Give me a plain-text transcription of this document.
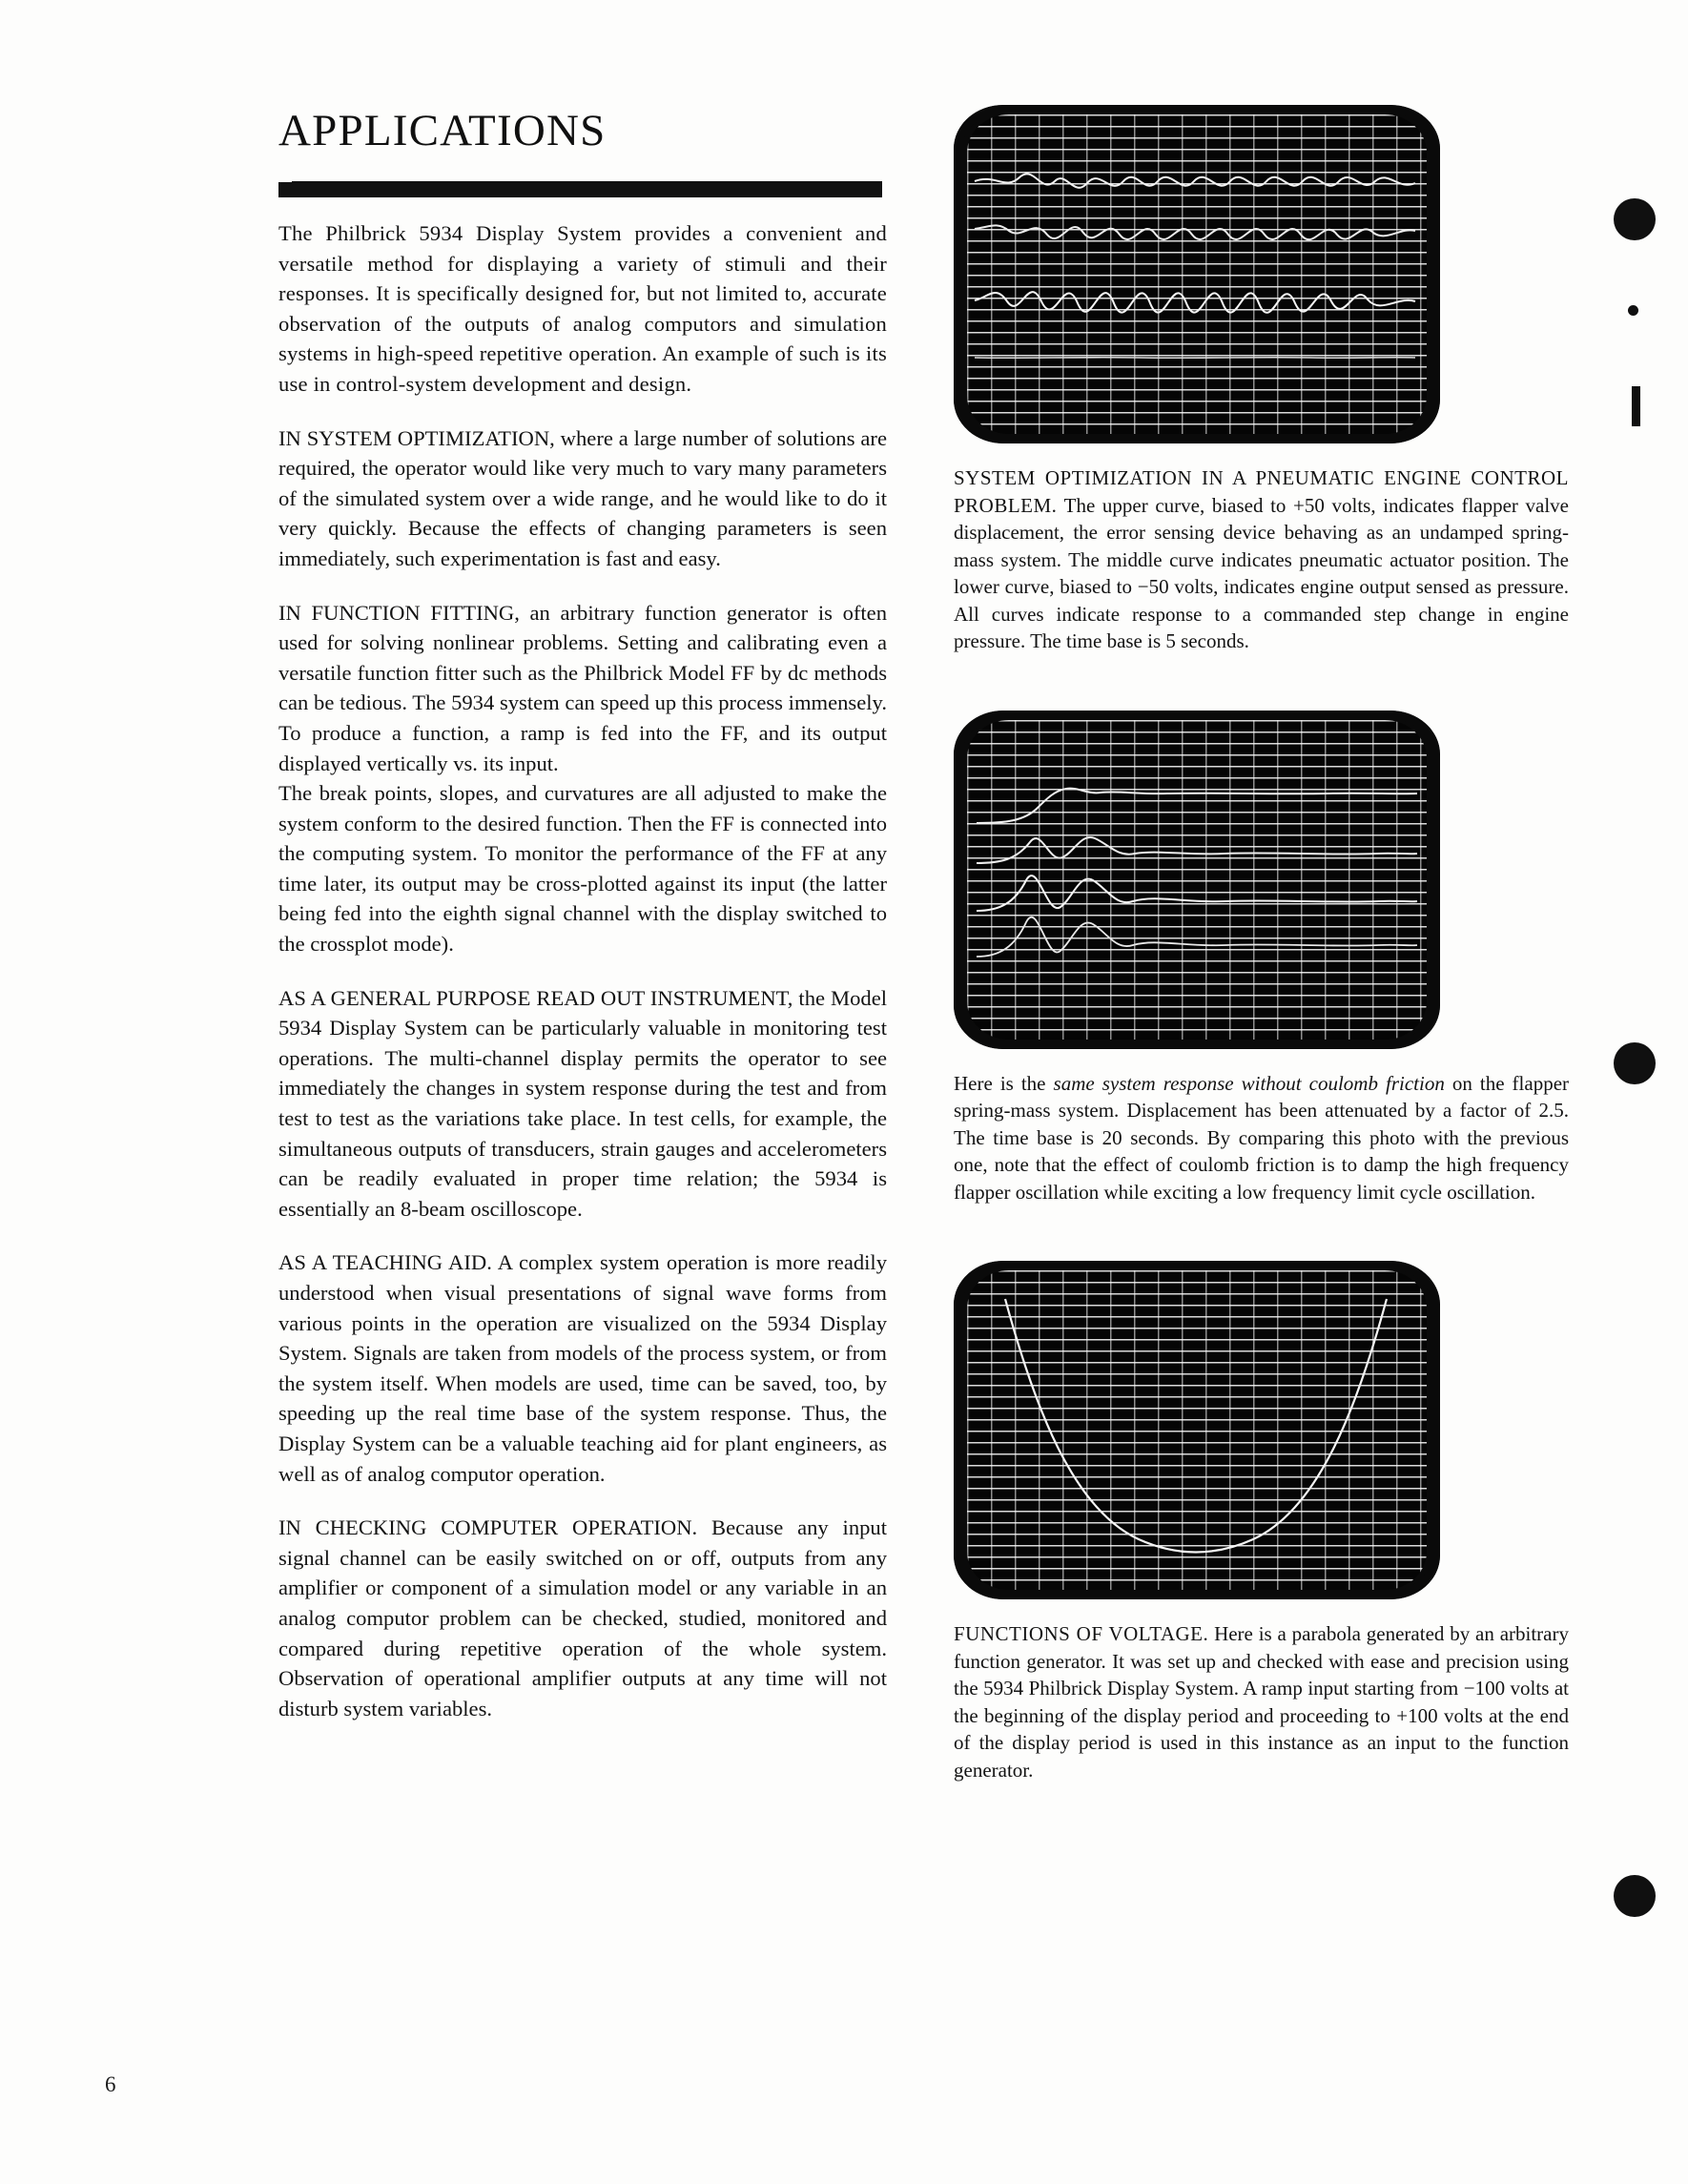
6
APPLICATIONS

The Philbrick 5934 Display System provides a convenient and versatile method for displaying a variety of stimuli and their responses. It is specifically designed for, but not limited to, accurate observation of the outputs of analog computors and simulation systems in high-speed repetitive operation. An example of such is its use in control-system development and design.

IN SYSTEM OPTIMIZATION, where a large number of solutions are required, the operator would like very much to vary many parameters of the simulated system over a wide range, and he would like to do it very quickly. Because the effects of changing parameters is seen immediately, such experimentation is fast and easy.

IN FUNCTION FITTING, an arbitrary function generator is often used for solving nonlinear problems. Setting and calibrating even a versatile function fitter such as the Philbrick Model FF by dc methods can be tedious. The 5934 system can speed up this process immensely. To produce a function, a ramp is fed into the FF, and its output displayed vertically vs. its input.

The break points, slopes, and curvatures are all adjusted to make the system conform to the desired function. Then the FF is connected into the computing system. To monitor the performance of the FF at any time later, its output may be cross-plotted against its input (the latter being fed into the eighth signal channel with the display switched to the crossplot mode).

AS A GENERAL PURPOSE READ OUT INSTRUMENT, the Model 5934 Display System can be particularly valuable in monitoring test operations. The multi-channel display permits the operator to see immediately the changes in system response during the test and from test to test as the variations take place. In test cells, for example, the simultaneous outputs of transducers, strain gauges and accelerometers can be readily evaluated in proper time relation; the 5934 is essentially an 8-beam oscilloscope.

AS A TEACHING AID. A complex system operation is more readily understood when visual presentations of signal wave forms from various points in the operation are visualized on the 5934 Display System. Signals are taken from models of the process system, or from the system itself. When models are used, time can be saved, too, by speeding up the real time base of the system response. Thus, the Display System can be a valuable teaching aid for plant engineers, as well as of analog computor operation.

IN CHECKING COMPUTER OPERATION. Because any input signal channel can be easily switched on or off, outputs from any amplifier or component of a simulation model or any variable in an analog computor problem can be checked, studied, monitored and compared during repetitive operation of the whole system. Observation of operational amplifier outputs at any time will not disturb system variables.

SYSTEM OPTIMIZATION IN A PNEUMATIC ENGINE CONTROL PROBLEM. The upper curve, biased to +50 volts, indicates flapper valve displacement, the error sensing device behaving as an undamped spring-mass system. The middle curve indicates pneumatic actuator position. The lower curve, biased to −50 volts, indicates engine output sensed as pressure. All curves indicate response to a commanded step change in engine pressure. The time base is 5 seconds.
Here is the same system response without coulomb friction on the flapper spring-mass system. Displacement has been attenuated by a factor of 2.5. The time base is 20 seconds. By comparing this photo with the previous one, note that the effect of coulomb friction is to damp the high frequency flapper oscillation while exciting a low frequency limit cycle oscillation.
FUNCTIONS OF VOLTAGE. Here is a parabola generated by an arbitrary function generator. It was set up and checked with ease and precision using the 5934 Philbrick Display System. A ramp input starting from −100 volts at the beginning of the display period and proceeding to +100 volts at the end of the display period is used in this instance as an input to the function generator.
